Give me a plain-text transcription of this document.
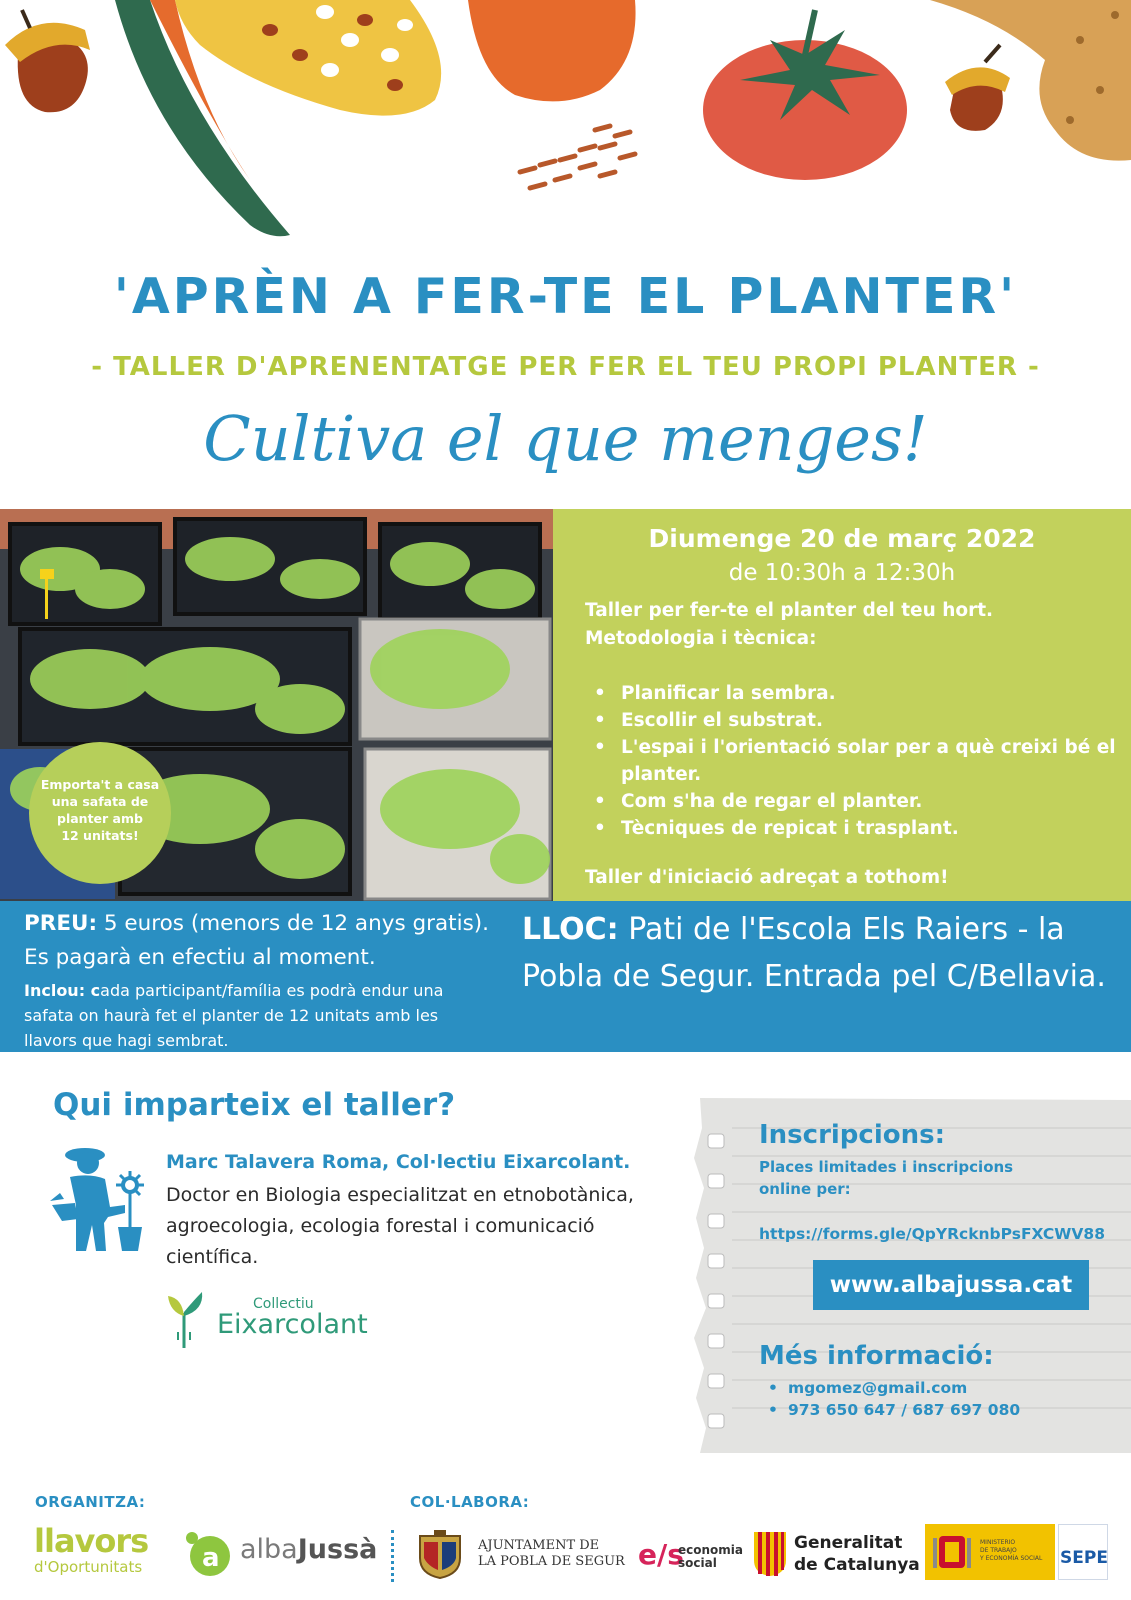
'APRÈN A FER-TE EL PLANTER'
- TALLER D'APRENENTATGE PER FER EL TEU PROPI PLANTER -
Cultiva el que menges!
Emporta't a casa
una safata de
planter amb
12 unitats!
Diumenge 20 de març 2022
de 10:30h a 12:30h
Taller per fer-te el planter del teu hort.
Metodologia i tècnica:
• Planificar la sembra.
• Escollir el substrat.
• L'espai i l'orientació solar per a què creixi bé el planter.
• Com s'ha de regar el planter.
• Tècniques de repicat i trasplant.
Taller d'iniciació adreçat a tothom!
PREU: 5 euros (menors de 12 anys gratis).
Es pagarà en efectiu al moment.
Inclou: cada participant/família es podrà endur una safata on haurà fet el planter de 12 unitats amb les llavors que hagi sembrat.
LLOC: Pati de l'Escola Els Raiers - la Pobla de Segur. Entrada pel C/Bellavia.
Qui imparteix el taller?
Marc Talavera Roma, Col·lectiu Eixarcolant.
Doctor en Biologia especialitzat en etnobotànica, agroecologia, ecologia forestal i comunicació científica.
Collectiu
Eixarcolant
Inscripcions:
Places limitades i inscripcions
online per:
https://forms.gle/QpYRcknbPsFXCWV88
www.albajussa.cat
Més informació:
• mgomez@gmail.com
• 973 650 647 / 687 697 080
ORGANITZA:	COL·LABORA:
llavors
d'Oportunitats a albaJussà	AJUNTAMENT DE
LA POBLA DE SEGUR e/s
economia
social
Generalitat
de Catalunya
MINISTERIO
DE TRABAJO
Y ECONOMÍA SOCIAL SEPE
